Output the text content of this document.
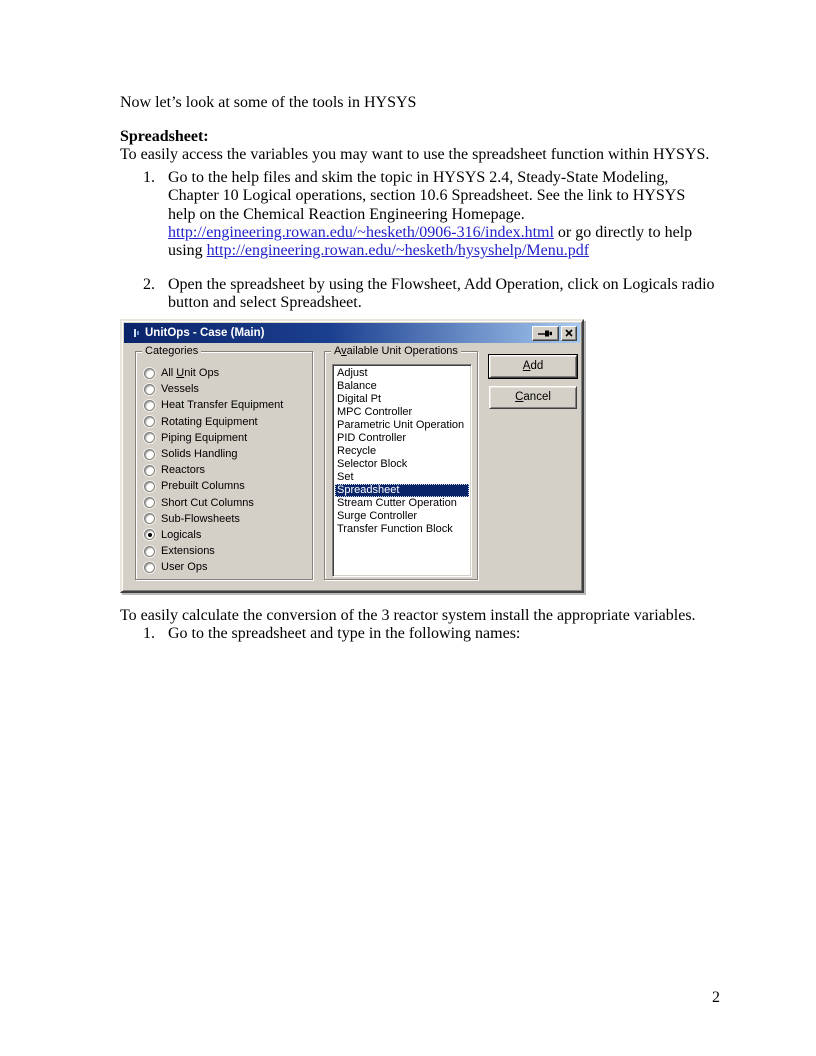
Now let’s look at some of the tools in HYSYS
Spreadsheet:
To easily access the variables you may want to use the spreadsheet function within HYSYS.
1. Go to the help files and skim the topic in HYSYS 2.4, Steady-State Modeling,
Chapter 10 Logical operations, section 10.6 Spreadsheet. See the link to HYSYS
help on the Chemical Reaction Engineering Homepage.
http://engineering.rowan.edu/~hesketh/0906-316/index.html or go directly to help
using http://engineering.rowan.edu/~hesketh/hysyshelp/Menu.pdf
2. Open the spreadsheet by using the Flowsheet, Add Operation, click on Logicals radio
button and select Spreadsheet.
UnitOps - Case (Main)
Categories
All Unit Ops
Vessels
Heat Transfer Equipment
Rotating Equipment
Piping Equipment
Solids Handling
Reactors
Prebuilt Columns
Short Cut Columns
Sub-Flowsheets
Logicals
Extensions
User Ops
Available Unit Operations
Adjust
Balance
Digital Pt
MPC Controller
Parametric Unit Operation
PID Controller
Recycle
Selector Block
Set
Spreadsheet
Stream Cutter Operation
Surge Controller
Transfer Function Block
Add
Cancel
To easily calculate the conversion of the 3 reactor system install the appropriate variables.
1. Go to the spreadsheet and type in the following names:
2
